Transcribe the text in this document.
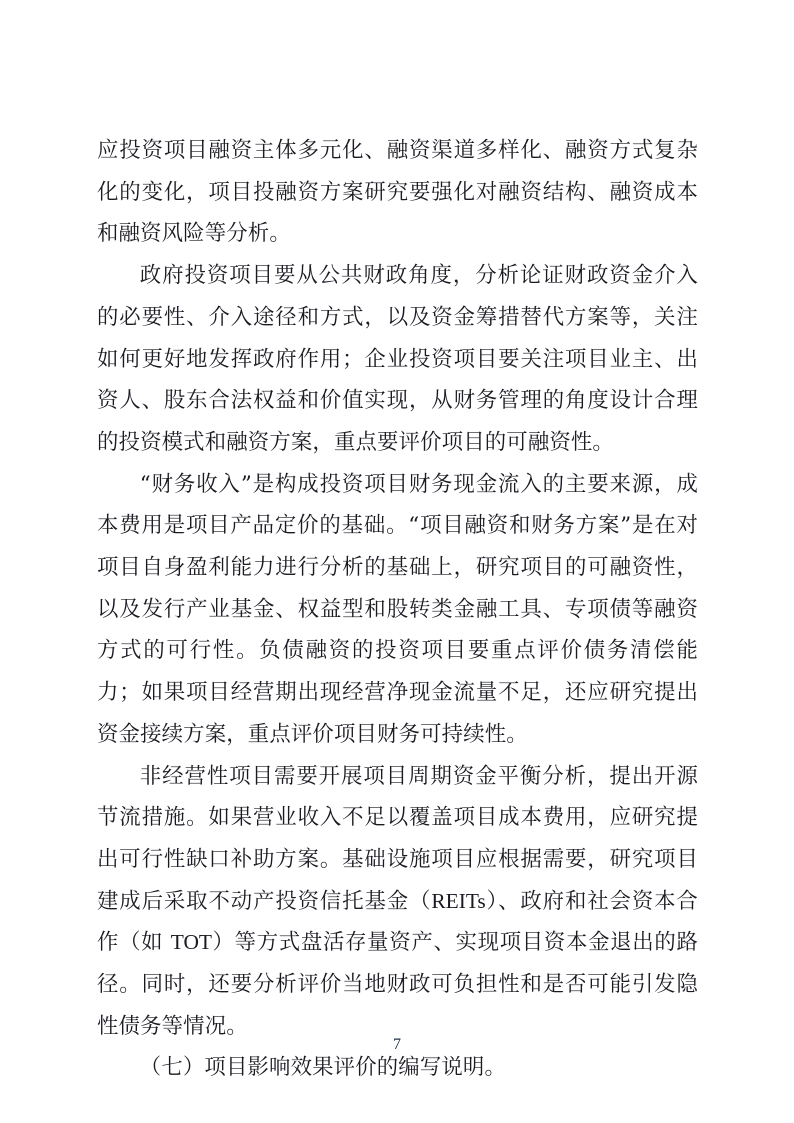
应投资项目融资主体多元化、融资渠道多样化、融资方式复杂化的变化，项目投融资方案研究要强化对融资结构、融资成本和融资风险等分析。

政府投资项目要从公共财政角度，分析论证财政资金介入的必要性、介入途径和方式，以及资金筹措替代方案等，关注如何更好地发挥政府作用；企业投资项目要关注项目业主、出资人、股东合法权益和价值实现，从财务管理的角度设计合理的投资模式和融资方案，重点要评价项目的可融资性。

“财务收入”是构成投资项目财务现金流入的主要来源，成本费用是项目产品定价的基础。“项目融资和财务方案”是在对项目自身盈利能力进行分析的基础上，研究项目的可融资性，以及发行产业基金、权益型和股转类金融工具、专项债等融资方式的可行性。负债融资的投资项目要重点评价债务清偿能力；如果项目经营期出现经营净现金流量不足，还应研究提出资金接续方案，重点评价项目财务可持续性。

非经营性项目需要开展项目周期资金平衡分析，提出开源节流措施。如果营业收入不足以覆盖项目成本费用，应研究提出可行性缺口补助方案。基础设施项目应根据需要，研究项目建成后采取不动产投资信托基金（REITs）、政府和社会资本合作（如 TOT）等方式盘活存量资产、实现项目资本金退出的路径。同时，还要分析评价当地财政可负担性和是否可能引发隐性债务等情况。

（七）项目影响效果评价的编写说明。

7
